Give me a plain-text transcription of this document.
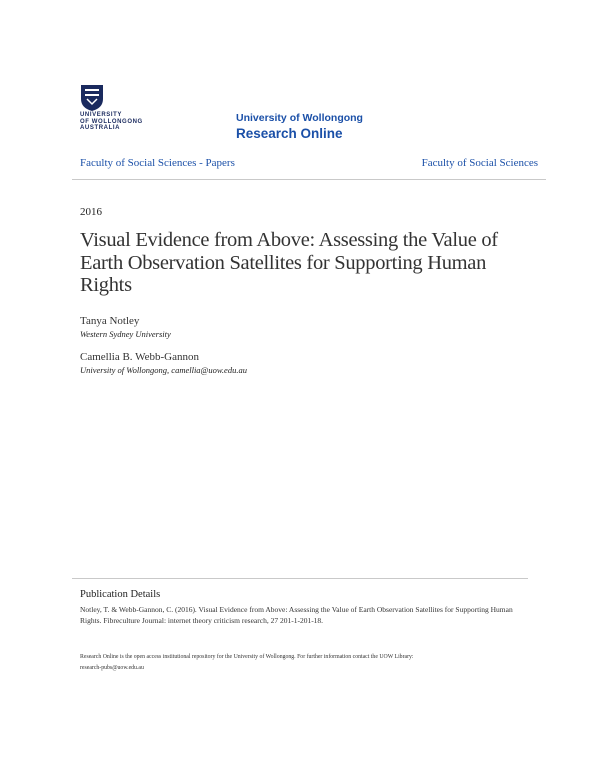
UNIVERSITY
OF WOLLONGONG
AUSTRALIA
University of Wollongong
Research Online
Faculty of Social Sciences - Papers	Faculty of Social Sciences
2016
Visual Evidence from Above: Assessing the Value of Earth Observation Satellites for Supporting Human Rights
Tanya Notley
Western Sydney University
Camellia B. Webb-Gannon
University of Wollongong, camellia@uow.edu.au
Publication Details
Notley, T. & Webb-Gannon, C. (2016). Visual Evidence from Above: Assessing the Value of Earth Observation Satellites for Supporting Human Rights. Fibreculture Journal: internet theory criticism research, 27 201-1-201-18.
Research Online is the open access institutional repository for the University of Wollongong. For further information contact the UOW Library:
research-pubs@uow.edu.au
